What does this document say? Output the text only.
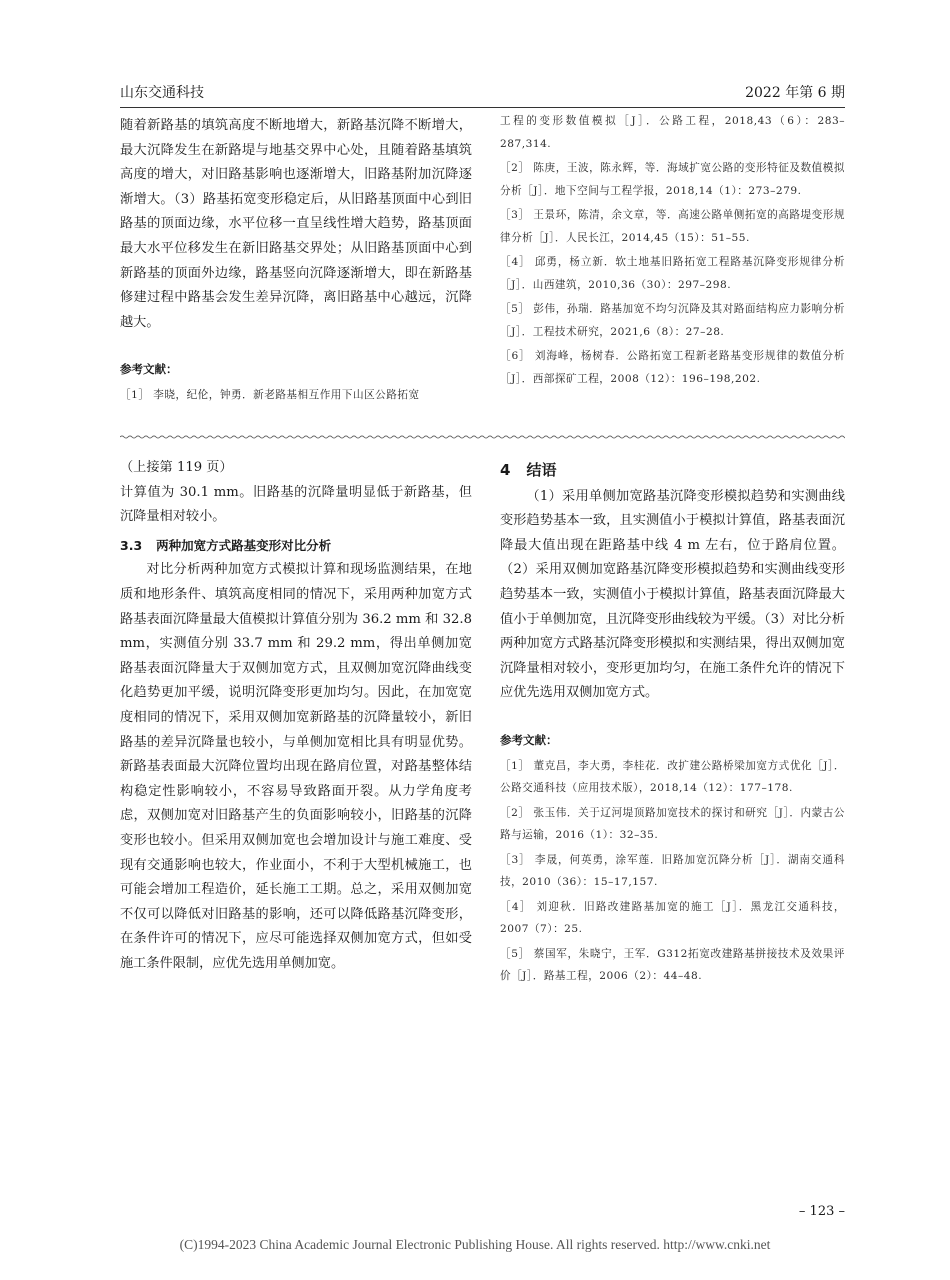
山东交通科技	2022 年第 6 期

随着新路基的填筑高度不断地增大，新路基沉降不断增大，最大沉降发生在新路堤与地基交界中心处，且随着路基填筑高度的增大，对旧路基影响也逐渐增大，旧路基附加沉降逐渐增大。（3）路基拓宽变形稳定后，从旧路基顶面中心到旧路基的顶面边缘，水平位移一直呈线性增大趋势，路基顶面最大水平位移发生在新旧路基交界处；从旧路基顶面中心到新路基的顶面外边缘，路基竖向沉降逐渐增大，即在新路基修建过程中路基会发生差异沉降，离旧路基中心越远，沉降越大。

参考文献：

［1］ 李晓，纪伦，钟勇．新老路基相互作用下山区公路拓宽

工程的变形数值模拟［J］．公路工程，2018,43（6）：283–287,314.

［2］ 陈庚，王波，陈永辉，等．海域扩宽公路的变形特征及数值模拟分析［J］．地下空间与工程学报，2018,14（1）：273–279.

［3］ 王景环，陈清，余文章，等．高速公路单侧拓宽的高路堤变形规律分析［J］．人民长江，2014,45（15）：51–55.

［4］ 邱勇，杨立新．软土地基旧路拓宽工程路基沉降变形规律分析［J］．山西建筑，2010,36（30）：297–298.

［5］ 彭伟，孙瑞．路基加宽不均匀沉降及其对路面结构应力影响分析［J］．工程技术研究，2021,6（8）：27–28.

［6］ 刘海峰，杨树春．公路拓宽工程新老路基变形规律的数值分析［J］．西部探矿工程，2008（12）：196–198,202.

（上接第 119 页）

计算值为 30.1 mm。旧路基的沉降量明显低于新路基，但沉降量相对较小。

3.3 两种加宽方式路基变形对比分析

对比分析两种加宽方式模拟计算和现场监测结果，在地质和地形条件、填筑高度相同的情况下，采用两种加宽方式路基表面沉降量最大值模拟计算值分别为 36.2 mm 和 32.8 mm，实测值分别 33.7 mm 和 29.2 mm，得出单侧加宽路基表面沉降量大于双侧加宽方式，且双侧加宽沉降曲线变化趋势更加平缓，说明沉降变形更加均匀。因此，在加宽宽度相同的情况下，采用双侧加宽新路基的沉降量较小，新旧路基的差异沉降量也较小，与单侧加宽相比具有明显优势。新路基表面最大沉降位置均出现在路肩位置，对路基整体结构稳定性影响较小，不容易导致路面开裂。从力学角度考虑，双侧加宽对旧路基产生的负面影响较小，旧路基的沉降变形也较小。但采用双侧加宽也会增加设计与施工难度、受现有交通影响也较大，作业面小，不利于大型机械施工，也可能会增加工程造价，延长施工工期。总之，采用双侧加宽不仅可以降低对旧路基的影响，还可以降低路基沉降变形，在条件许可的情况下，应尽可能选择双侧加宽方式，但如受施工条件限制，应优先选用单侧加宽。

4 结语

（1）采用单侧加宽路基沉降变形模拟趋势和实测曲线变形趋势基本一致，且实测值小于模拟计算值，路基表面沉降最大值出现在距路基中线 4 m 左右，位于路肩位置。（2）采用双侧加宽路基沉降变形模拟趋势和实测曲线变形趋势基本一致，实测值小于模拟计算值，路基表面沉降最大值小于单侧加宽，且沉降变形曲线较为平缓。（3）对比分析两种加宽方式路基沉降变形模拟和实测结果，得出双侧加宽沉降量相对较小，变形更加均匀，在施工条件允许的情况下应优先选用双侧加宽方式。

参考文献：

［1］ 董克昌，李大勇，李桂花．改扩建公路桥梁加宽方式优化［J］．公路交通科技（应用技术版），2018,14（12）：177–178.

［2］ 张玉伟．关于辽河堤顶路加宽技术的探讨和研究［J］．内蒙古公路与运输，2016（1）：32–35.

［3］ 李晟，何英勇，涂军莲．旧路加宽沉降分析［J］．湖南交通科技，2010（36）：15–17,157.

［4］ 刘迎秋．旧路改建路基加宽的施工［J］．黑龙江交通科技，2007（7）：25.

［5］ 蔡国军，朱晓宁，王军．G312拓宽改建路基拼接技术及效果评价［J］．路基工程，2006（2）：44–48.

– 123 –
(C)1994-2023 China Academic Journal Electronic Publishing House. All rights reserved. http://www.cnki.net
